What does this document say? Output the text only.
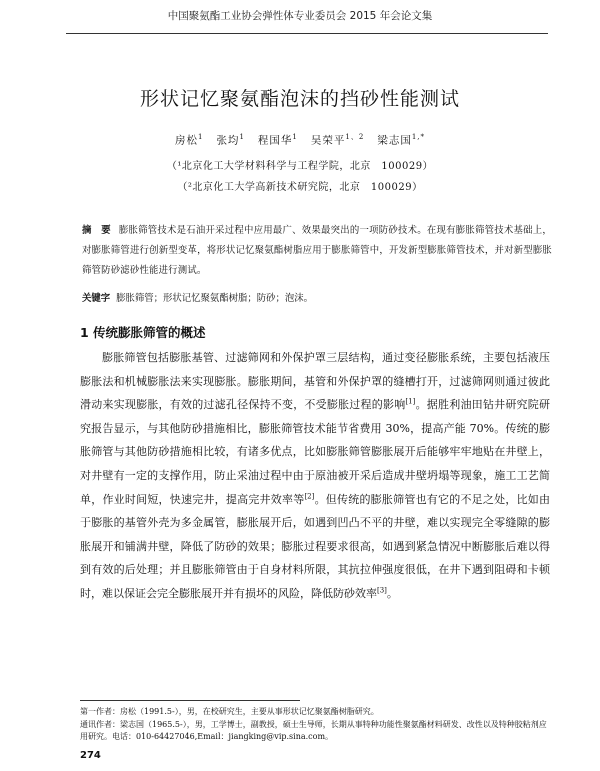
中国聚氨酯工业协会弹性体专业委员会 2015 年会论文集
形状记忆聚氨酯泡沫的挡砂性能测试
房松$^1$ 张均$^1$ 程国华$^1$ 吴荣平$^{1、2}$ 梁志国$^{1,*}$
（¹北京化工大学材料科学与工程学院，北京　100029）
（²北京化工大学高新技术研究院，北京　100029）
摘　要 膨胀筛管技术是石油开采过程中应用最广、效果最突出的一项防砂技术。在现有膨胀筛管技术基础上，对膨胀筛管进行创新型变革，将形状记忆聚氨酯树脂应用于膨胀筛管中，开发新型膨胀筛管技术，并对新型膨胀筛管防砂滤砂性能进行测试。
关键字 膨胀筛管；形状记忆聚氨酯树脂；防砂；泡沫。
1 传统膨胀筛管的概述
膨胀筛管包括膨胀基管、过滤筛网和外保护罩三层结构，通过变径膨胀系统，主要包括液压膨胀法和机械膨胀法来实现膨胀。膨胀期间，基管和外保护罩的缝槽打开，过滤筛网则通过彼此滑动来实现膨胀，有效的过滤孔径保持不变，不受膨胀过程的影响[1]。据胜利油田钻井研究院研究报告显示，与其他防砂措施相比，膨胀筛管技术能节省费用 30%，提高产能 70%。传统的膨胀筛管与其他防砂措施相比较，有诸多优点，比如膨胀筛管膨胀展开后能够牢牢地贴在井壁上，对井壁有一定的支撑作用，防止采油过程中由于原油被开采后造成井壁坍塌等现象，施工工艺简单，作业时间短，快速完井，提高完井效率等[2]。但传统的膨胀筛管也有它的不足之处，比如由于膨胀的基管外壳为多金属管，膨胀展开后，如遇到凹凸不平的井壁，难以实现完全零缝隙的膨胀展开和铺满井壁，降低了防砂的效果；膨胀过程要求很高，如遇到紧急情况中断膨胀后难以得到有效的后处理；并且膨胀筛管由于自身材料所限，其抗拉伸强度很低，在井下遇到阻碍和卡顿时，难以保证会完全膨胀展开并有损坏的风险，降低防砂效率[3]。
第一作者：房松（1991.5-），男，在校研究生，主要从事形状记忆聚氨酯树脂研究。
通讯作者：梁志国（1965.5-），男，工学博士，副教授，硕士生导师，长期从事特种功能性聚氨酯材料研发、改性以及特种胶粘剂应用研究。电话：010-64427046,Email：jiangking@vip.sina.com。
274
